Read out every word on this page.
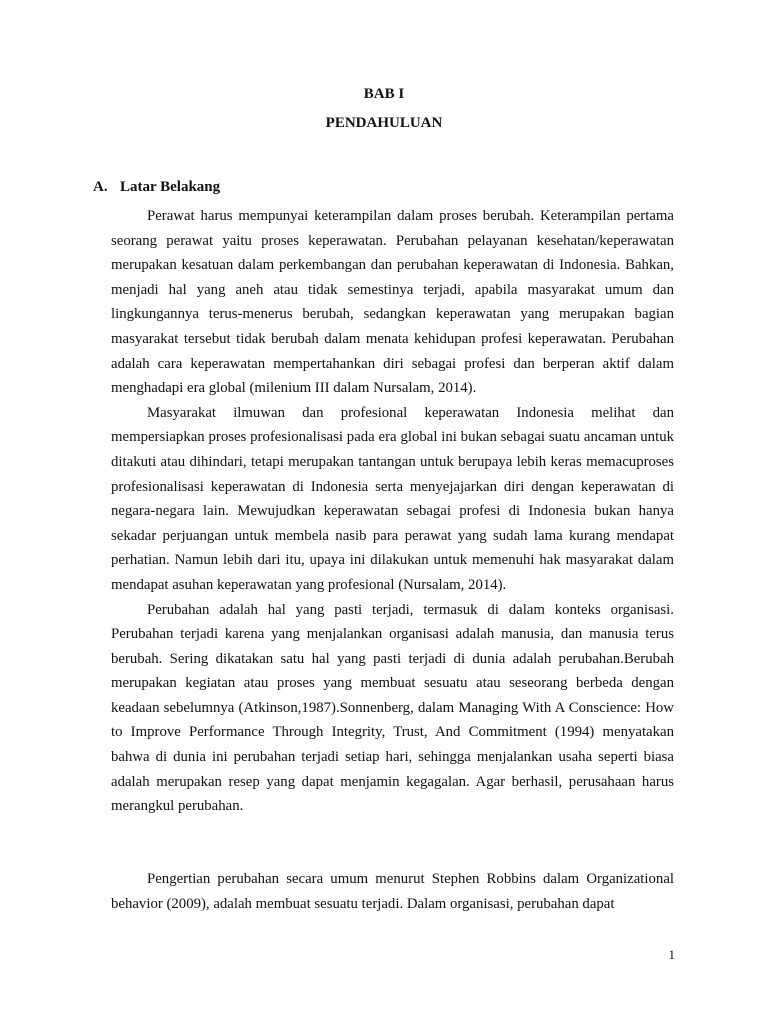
BAB I
PENDAHULUAN
A. Latar Belakang

Perawat harus mempunyai keterampilan dalam proses berubah. Keterampilan pertama seorang perawat yaitu proses keperawatan. Perubahan pelayanan kesehatan/keperawatan merupakan kesatuan dalam perkembangan dan perubahan keperawatan di Indonesia. Bahkan, menjadi hal yang aneh atau tidak semestinya terjadi, apabila masyarakat umum dan lingkungannya terus-menerus berubah, sedangkan keperawatan yang merupakan bagian masyarakat tersebut tidak berubah dalam menata kehidupan profesi keperawatan. Perubahan adalah cara keperawatan mempertahankan diri sebagai profesi dan berperan aktif dalam menghadapi era global (milenium III dalam Nursalam, 2014).

Masyarakat ilmuwan dan profesional keperawatan Indonesia melihat dan mempersiapkan proses profesionalisasi pada era global ini bukan sebagai suatu ancaman untuk ditakuti atau dihindari, tetapi merupakan tantangan untuk berupaya lebih keras memacuproses profesionalisasi keperawatan di Indonesia serta menyejajarkan diri dengan keperawatan di negara-negara lain. Mewujudkan keperawatan sebagai profesi di Indonesia bukan hanya sekadar perjuangan untuk membela nasib para perawat yang sudah lama kurang mendapat perhatian. Namun lebih dari itu, upaya ini dilakukan untuk memenuhi hak masyarakat dalam mendapat asuhan keperawatan yang profesional (Nursalam, 2014).

Perubahan adalah hal yang pasti terjadi, termasuk di dalam konteks organisasi. Perubahan terjadi karena yang menjalankan organisasi adalah manusia, dan manusia terus berubah. Sering dikatakan satu hal yang pasti terjadi di dunia adalah perubahan.Berubah merupakan kegiatan atau proses yang membuat sesuatu atau seseorang berbeda dengan keadaan sebelumnya (Atkinson,1987).Sonnenberg, dalam Managing With A Conscience: How to Improve Performance Through Integrity, Trust, And Commitment (1994) menyatakan bahwa di dunia ini perubahan terjadi setiap hari, sehingga menjalankan usaha seperti biasa adalah merupakan resep yang dapat menjamin kegagalan. Agar berhasil, perusahaan harus merangkul perubahan.

Pengertian perubahan secara umum menurut Stephen Robbins dalam Organizational behavior (2009), adalah membuat sesuatu terjadi. Dalam organisasi, perubahan dapat

1
